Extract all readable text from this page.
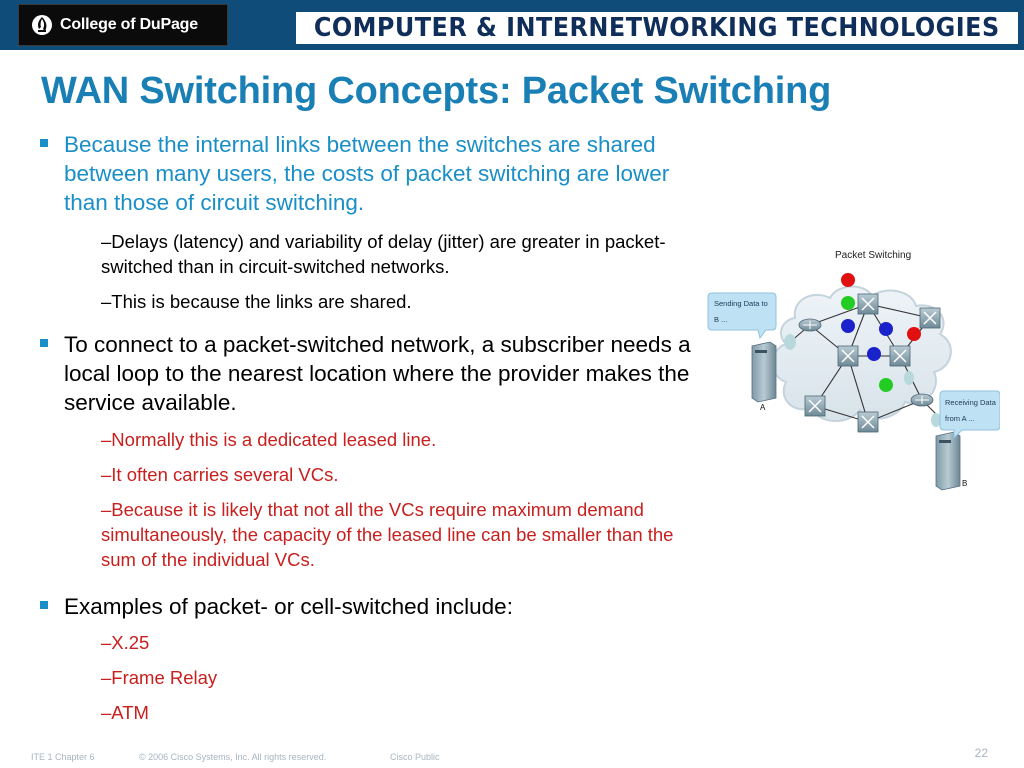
College of DuPage	COMPUTER & INTERNETWORKING TECHNOLOGIES
WAN Switching Concepts: Packet Switching
Because the internal links between the switches are shared between many users, the costs of packet switching are lower than those of circuit switching.
–Delays (latency) and variability of delay (jitter) are greater in packet-switched than in circuit-switched networks.
–This is because the links are shared.
To connect to a packet-switched network, a subscriber needs a local loop to the nearest location where the provider makes the service available.
–Normally this is a dedicated leased line.
–It often carries several VCs.
–Because it is likely that not all the VCs require maximum demand simultaneously, the capacity of the leased line can be smaller than the sum of the individual VCs.
Examples of packet- or cell-switched include:
–X.25
–Frame Relay
–ATM
Packet Switching
A
B
Sending Data to
B ...
Receiving Data
from A ...
ITE 1 Chapter 6	© 2006 Cisco Systems, Inc. All rights reserved.	Cisco Public	22
